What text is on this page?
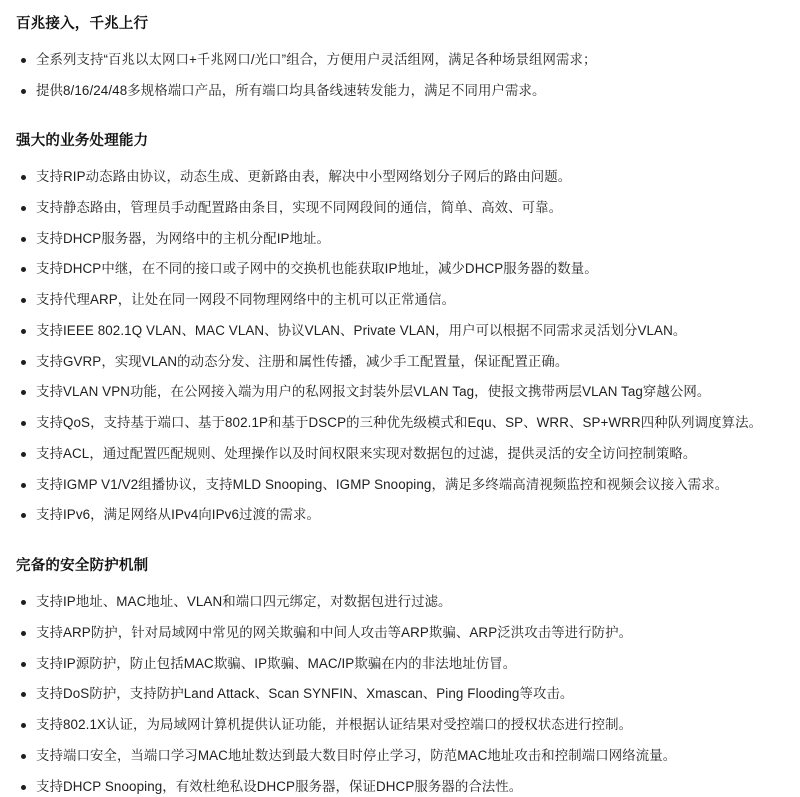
百兆接入，千兆上行
全系列支持“百兆以太网口+千兆网口/光口”组合，方便用户灵活组网，满足各种场景组网需求；
提供8/16/24/48多规格端口产品，所有端口均具备线速转发能力，满足不同用户需求。
强大的业务处理能力
支持RIP动态路由协议，动态生成、更新路由表，解决中小型网络划分子网后的路由问题。
支持静态路由，管理员手动配置路由条目，实现不同网段间的通信，简单、高效、可靠。
支持DHCP服务器，为网络中的主机分配IP地址。
支持DHCP中继，在不同的接口或子网中的交换机也能获取IP地址，减少DHCP服务器的数量。
支持代理ARP，让处在同一网段不同物理网络中的主机可以正常通信。
支持IEEE 802.1Q VLAN、MAC VLAN、协议VLAN、Private VLAN，用户可以根据不同需求灵活划分VLAN。
支持GVRP，实现VLAN的动态分发、注册和属性传播，减少手工配置量，保证配置正确。
支持VLAN VPN功能，在公网接入端为用户的私网报文封装外层VLAN Tag，使报文携带两层VLAN Tag穿越公网。
支持QoS，支持基于端口、基于802.1P和基于DSCP的三种优先级模式和Equ、SP、WRR、SP+WRR四种队列调度算法。
支持ACL，通过配置匹配规则、处理操作以及时间权限来实现对数据包的过滤，提供灵活的安全访问控制策略。
支持IGMP V1/V2组播协议，支持MLD Snooping、IGMP Snooping，满足多终端高清视频监控和视频会议接入需求。
支持IPv6，满足网络从IPv4向IPv6过渡的需求。
完备的安全防护机制
支持IP地址、MAC地址、VLAN和端口四元绑定，对数据包进行过滤。
支持ARP防护，针对局域网中常见的网关欺骗和中间人攻击等ARP欺骗、ARP泛洪攻击等进行防护。
支持IP源防护，防止包括MAC欺骗、IP欺骗、MAC/IP欺骗在内的非法地址仿冒。
支持DoS防护，支持防护Land Attack、Scan SYNFIN、Xmascan、Ping Flooding等攻击。
支持802.1X认证，为局域网计算机提供认证功能，并根据认证结果对受控端口的授权状态进行控制。
支持端口安全，当端口学习MAC地址数达到最大数目时停止学习，防范MAC地址攻击和控制端口网络流量。
支持DHCP Snooping，有效杜绝私设DHCP服务器，保证DHCP服务器的合法性。
